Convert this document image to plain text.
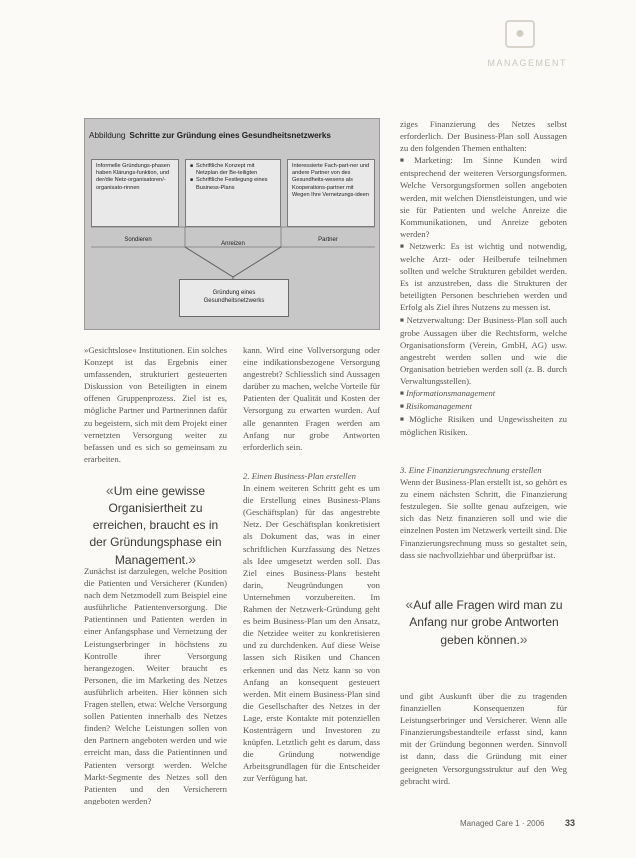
●
MANAGEMENT
Abbildung Schritte zur Gründung eines Gesundheitsnetzwerks
Informelle Gründungs-phasen haben Klärungs-funktion, und der/die Netz-organisatoren/-organisato-rinnen
■ Schriftliche Konzept mit Netzplan der Be-teiligten
■ Schriftliche Festlegung eines Business-Plans
Interessierte Fach-part-ner und andere Partner von des Gesundheits-wesens als Kooperations-partner mit Wegen Ihre Vernetzungs-ideen
Sondieren
Anreizen
Partner
Gründung eines
Gesundheitsnetzwerks

»Gesichtslose« Institutionen. Ein solches Konzept ist das Ergebnis einer umfassenden, strukturiert gesteuerten Diskussion von Beteiligten in einem offenen Gruppenprozess. Ziel ist es, mögliche Partner und Partnerinnen dafür zu begeistern, sich mit dem Projekt einer vernetzten Versorgung weiter zu befassen und es sich so gemeinsam zu erarbeiten.

kann. Wird eine Vollversorgung oder eine indikationsbezogene Versorgung angestrebt? Schliesslich sind Aussagen darüber zu machen, welche Vorteile für Patienten der Qualität und Kosten der Versorgung zu erwarten wurden. Auf alle genannten Fragen werden am Anfang nur grobe Antworten erforderlich sein.

«Um eine gewisse Organisiertheit zu erreichen, braucht es in der Gründungsphase ein Management.»

Zunächst ist darzulegen, welche Position die Patienten und Versicherer (Kunden) nach dem Netzmodell zum Beispiel eine ausführliche Patientenversorgung. Die Patientinnen und Patienten werden in einer Anfangsphase und Vernetzung der Leistungserbringer in höchstens zu Kontrolle ihrer Versorgung herangezogen. Weiter braucht es Personen, die im Marketing des Netzes ausführlich arbeiten. Hier können sich Fragen stellen, etwa: Welche Versorgung sollen Patienten innerhalb des Netzes finden? Welche Leistungen sollen von den Partnern angeboten werden und wie erreicht man, dass die Patientinnen und Patienten versorgt werden. Welche Markt-Segmente des Netzes soll den Patienten und den Versicherern angeboten werden?

2. Einen Business-Plan erstellen

In einem weiteren Schritt geht es um die Erstellung eines Business-Plans (Geschäftsplan) für das angestrebte Netz. Der Geschäftsplan konkretisiert als Dokument das, was in einer schriftlichen Kurzfassung des Netzes als Idee umgesetzt werden soll. Das Ziel eines Business-Plans besteht darin, Neugründungen von Unternehmen vorzubereiten. Im Rahmen der Netzwerk-Gründung geht es beim Business-Plan um den Ansatz, die Netzidee weiter zu konkretisieren und zu durchdenken. Auf diese Weise lassen sich Risiken und Chancen erkennen und das Netz kann so von Anfang an konsequent gesteuert werden. Mit einem Business-Plan sind die Gesellschafter des Netzes in der Lage, erste Kontakte mit potenziellen Kostenträgern und Investoren zu knüpfen. Letztlich geht es darum, dass die Gründung notwendige Arbeitsgrundlagen für die Entscheider zur Verfügung hat.

ziges Finanzierung des Netzes selbst erforderlich. Der Business-Plan soll Aussagen zu den folgenden Themen enthalten:

■ Marketing: Im Sinne Kunden wird entsprechend der weiteren Versorgungsformen. Welche Versorgungsformen sollen angeboten werden, mit welchen Dienstleistungen, und wie sie für Patienten und welche Anreize die Kommunikationen, und Anreize geboten werden?

■ Netzwerk: Es ist wichtig und notwendig, welche Arzt- oder Heilberufe teilnehmen sollten und welche Strukturen gebildet werden. Es ist anzustreben, dass die Strukturen der beteiligten Personen beschrieben werden und Erfolg als Ziel ihres Nutzens zu messen ist.

■ Netzverwaltung: Der Business-Plan soll auch grobe Aussagen über die Rechtsform, welche Organisationsform (Verein, GmbH, AG) usw. angestrebt werden sollen und wie die Organisation betrieben werden soll (z. B. durch Verwaltungsstellen).

■ Informationsmanagement

■ Risikomanagement

■ Mögliche Risiken und Ungewissheiten zu möglichen Risiken.

3. Eine Finanzierungsrechnung erstellen

Wenn der Business-Plan erstellt ist, so gehört es zu einem nächsten Schritt, die Finanzierung festzulegen. Sie sollte genau aufzeigen, wie sich das Netz finanzieren soll und wie die einzelnen Posten im Netzwerk verteilt sind. Die Finanzierungsrechnung muss so gestaltet sein, dass sie nachvollziehbar und überprüfbar ist.

«Auf alle Fragen wird man zu Anfang nur grobe Antworten geben können.»

und gibt Auskunft über die zu tragenden finanziellen Konsequenzen für Leistungserbringer und Versicherer. Wenn alle Finanzierungsbestandteile erfasst sind, kann mit der Gründung begonnen werden. Sinnvoll ist dann, dass die Gründung mit einer geeigneten Versorgungsstruktur auf den Weg gebracht wird.

Managed Care 1 · 2006 33
